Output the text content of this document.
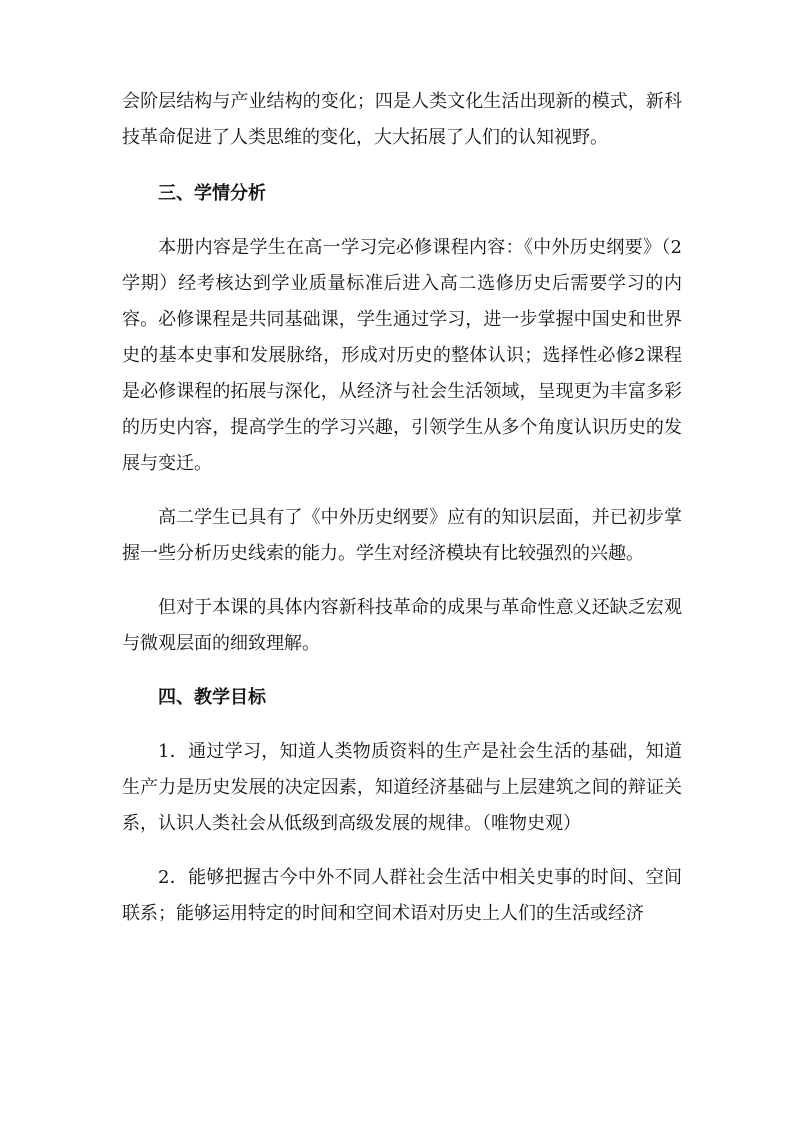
会阶层结构与产业结构的变化；四是人类文化生活出现新的模式，新科技革命促进了人类思维的变化，大大拓展了人们的认知视野。

三、学情分析

本册内容是学生在高一学习完必修课程内容：《中外历史纲要》（2学期）经考核达到学业质量标准后进入高二选修历史后需要学习的内容。必修课程是共同基础课，学生通过学习，进一步掌握中国史和世界史的基本史事和发展脉络，形成对历史的整体认识；选择性必修2课程是必修课程的拓展与深化，从经济与社会生活领域，呈现更为丰富多彩的历史内容，提高学生的学习兴趣，引领学生从多个角度认识历史的发展与变迁。

高二学生已具有了《中外历史纲要》应有的知识层面，并已初步掌握一些分析历史线索的能力。学生对经济模块有比较强烈的兴趣。

但对于本课的具体内容新科技革命的成果与革命性意义还缺乏宏观与微观层面的细致理解。

四、教学目标

1．通过学习，知道人类物质资料的生产是社会生活的基础，知道生产力是历史发展的决定因素，知道经济基础与上层建筑之间的辩证关系，认识人类社会从低级到高级发展的规律。（唯物史观）

2．能够把握古今中外不同人群社会生活中相关史事的时间、空间联系；能够运用特定的时间和空间术语对历史上人们的生活或经济
